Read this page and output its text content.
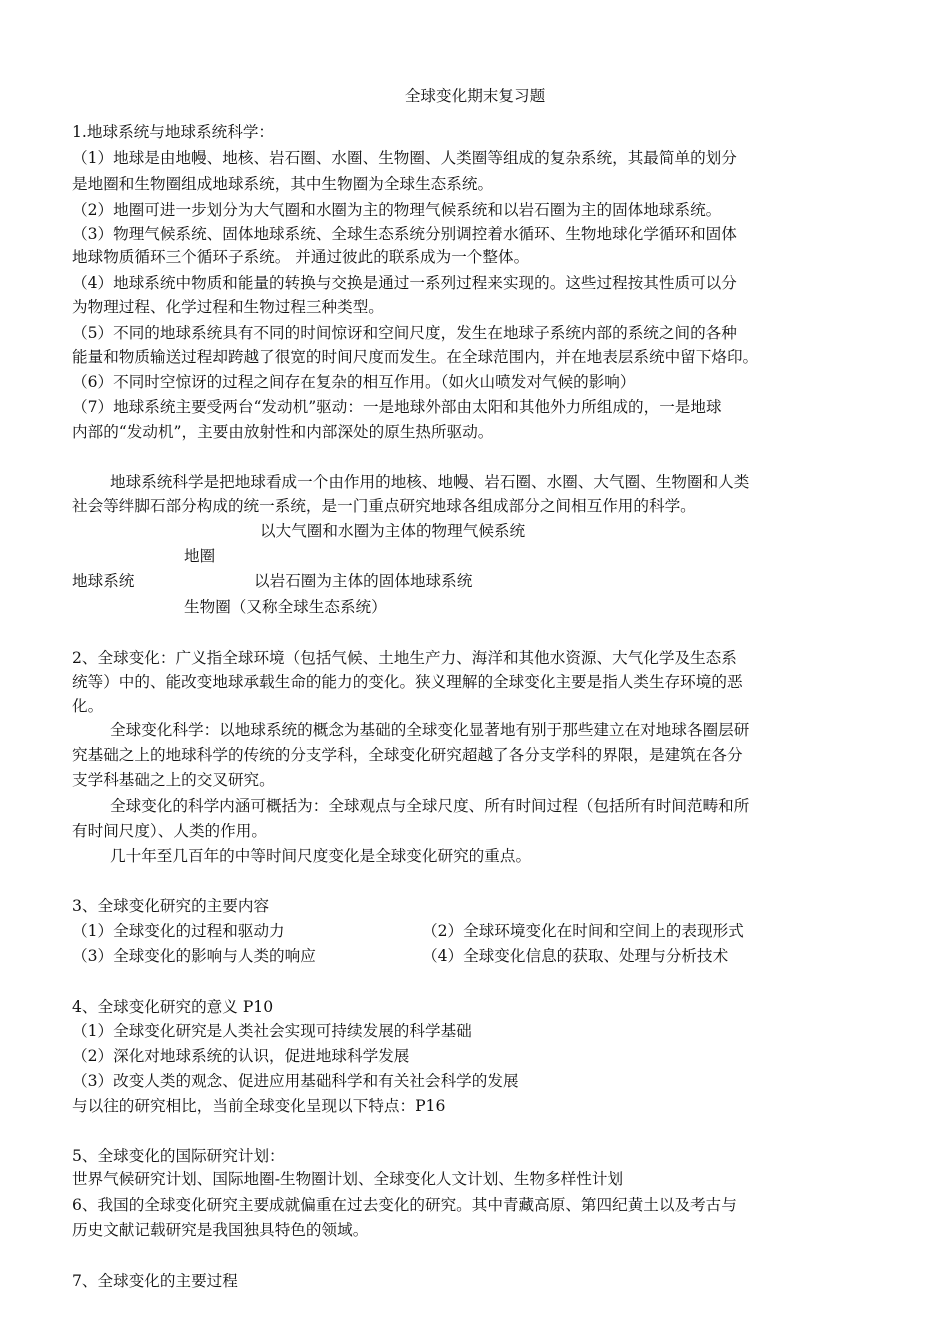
全球变化期末复习题
1.地球系统与地球系统科学：
（1）地球是由地幔、地核、岩石圈、水圈、生物圈、人类圈等组成的复杂系统，其最简单的划分
是地圈和生物圈组成地球系统，其中生物圈为全球生态系统。
（2）地圈可进一步划分为大气圈和水圈为主的物理气候系统和以岩石圈为主的固体地球系统。
（3）物理气候系统、固体地球系统、全球生态系统分别调控着水循环、生物地球化学循环和固体
地球物质循环三个循环子系统。 并通过彼此的联系成为一个整体。
（4）地球系统中物质和能量的转换与交换是通过一系列过程来实现的。这些过程按其性质可以分
为物理过程、化学过程和生物过程三种类型。
（5）不同的地球系统具有不同的时间惊讶和空间尺度，发生在地球子系统内部的系统之间的各种
能量和物质输送过程却跨越了很宽的时间尺度而发生。在全球范围内，并在地表层系统中留下烙印。
（6）不同时空惊讶的过程之间存在复杂的相互作用。（如火山喷发对气候的影响）
（7）地球系统主要受两台“发动机”驱动：一是地球外部由太阳和其他外力所组成的，一是地球
内部的“发动机”，主要由放射性和内部深处的原生热所驱动。
地球系统科学是把地球看成一个由作用的地核、地幔、岩石圈、水圈、大气圈、生物圈和人类
社会等绊脚石部分构成的统一系统，是一门重点研究地球各组成部分之间相互作用的科学。
以大气圈和水圈为主体的物理气候系统
地圈
地球系统	以岩石圈为主体的固体地球系统
生物圈（又称全球生态系统）
2、全球变化：广义指全球环境（包括气候、土地生产力、海洋和其他水资源、大气化学及生态系
统等）中的、能改变地球承载生命的能力的变化。狭义理解的全球变化主要是指人类生存环境的恶
化。
全球变化科学：以地球系统的概念为基础的全球变化显著地有别于那些建立在对地球各圈层研
究基础之上的地球科学的传统的分支学科，全球变化研究超越了各分支学科的界限，是建筑在各分
支学科基础之上的交叉研究。
全球变化的科学内涵可概括为：全球观点与全球尺度、所有时间过程（包括所有时间范畴和所
有时间尺度）、人类的作用。
几十年至几百年的中等时间尺度变化是全球变化研究的重点。
3、全球变化研究的主要内容
（1）全球变化的过程和驱动力	（2）全球环境变化在时间和空间上的表现形式
（3）全球变化的影响与人类的响应	（4）全球变化信息的获取、处理与分析技术
4、全球变化研究的意义 P10
（1）全球变化研究是人类社会实现可持续发展的科学基础
（2）深化对地球系统的认识，促进地球科学发展
（3）改变人类的观念、促进应用基础科学和有关社会科学的发展
与以往的研究相比，当前全球变化呈现以下特点：P16
5、全球变化的国际研究计划：
世界气候研究计划、国际地圈-生物圈计划、全球变化人文计划、生物多样性计划
6、我国的全球变化研究主要成就偏重在过去变化的研究。其中青藏高原、第四纪黄土以及考古与
历史文献记载研究是我国独具特色的领域。
7、全球变化的主要过程
